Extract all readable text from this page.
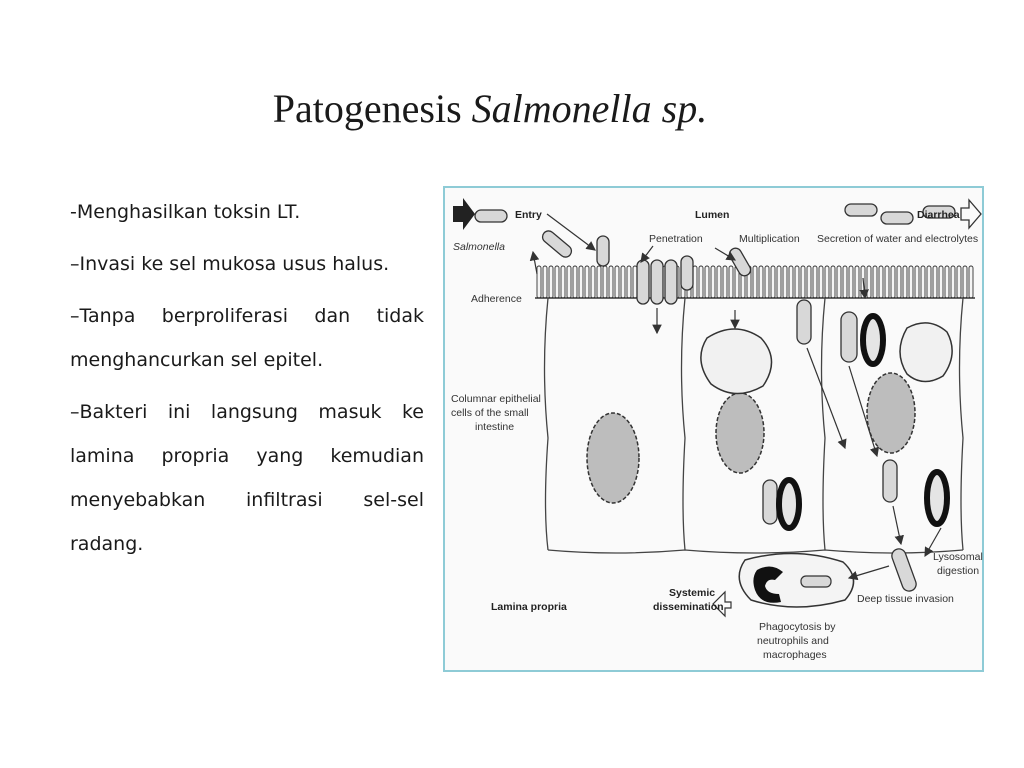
Patogenesis Salmonella sp.

-Menghasilkan toksin LT.

–Invasi ke sel mukosa usus halus.

–Tanpa berproliferasi dan tidak menghancurkan sel epitel.

–Bakteri ini langsung masuk ke lamina propria yang kemudian menyebabkan infiltrasi sel-sel radang.

Entry	Lumen	Diarrhea
Salmonella
Penetration	Multiplication Secretion of water and electrolytes
Adherence
Columnar epithelial
cells of the small
intestine
Lysosomal
digestion
Systemic
dissemination
Deep tissue invasion
Lamina propria
Phagocytosis by
neutrophils and
macrophages
